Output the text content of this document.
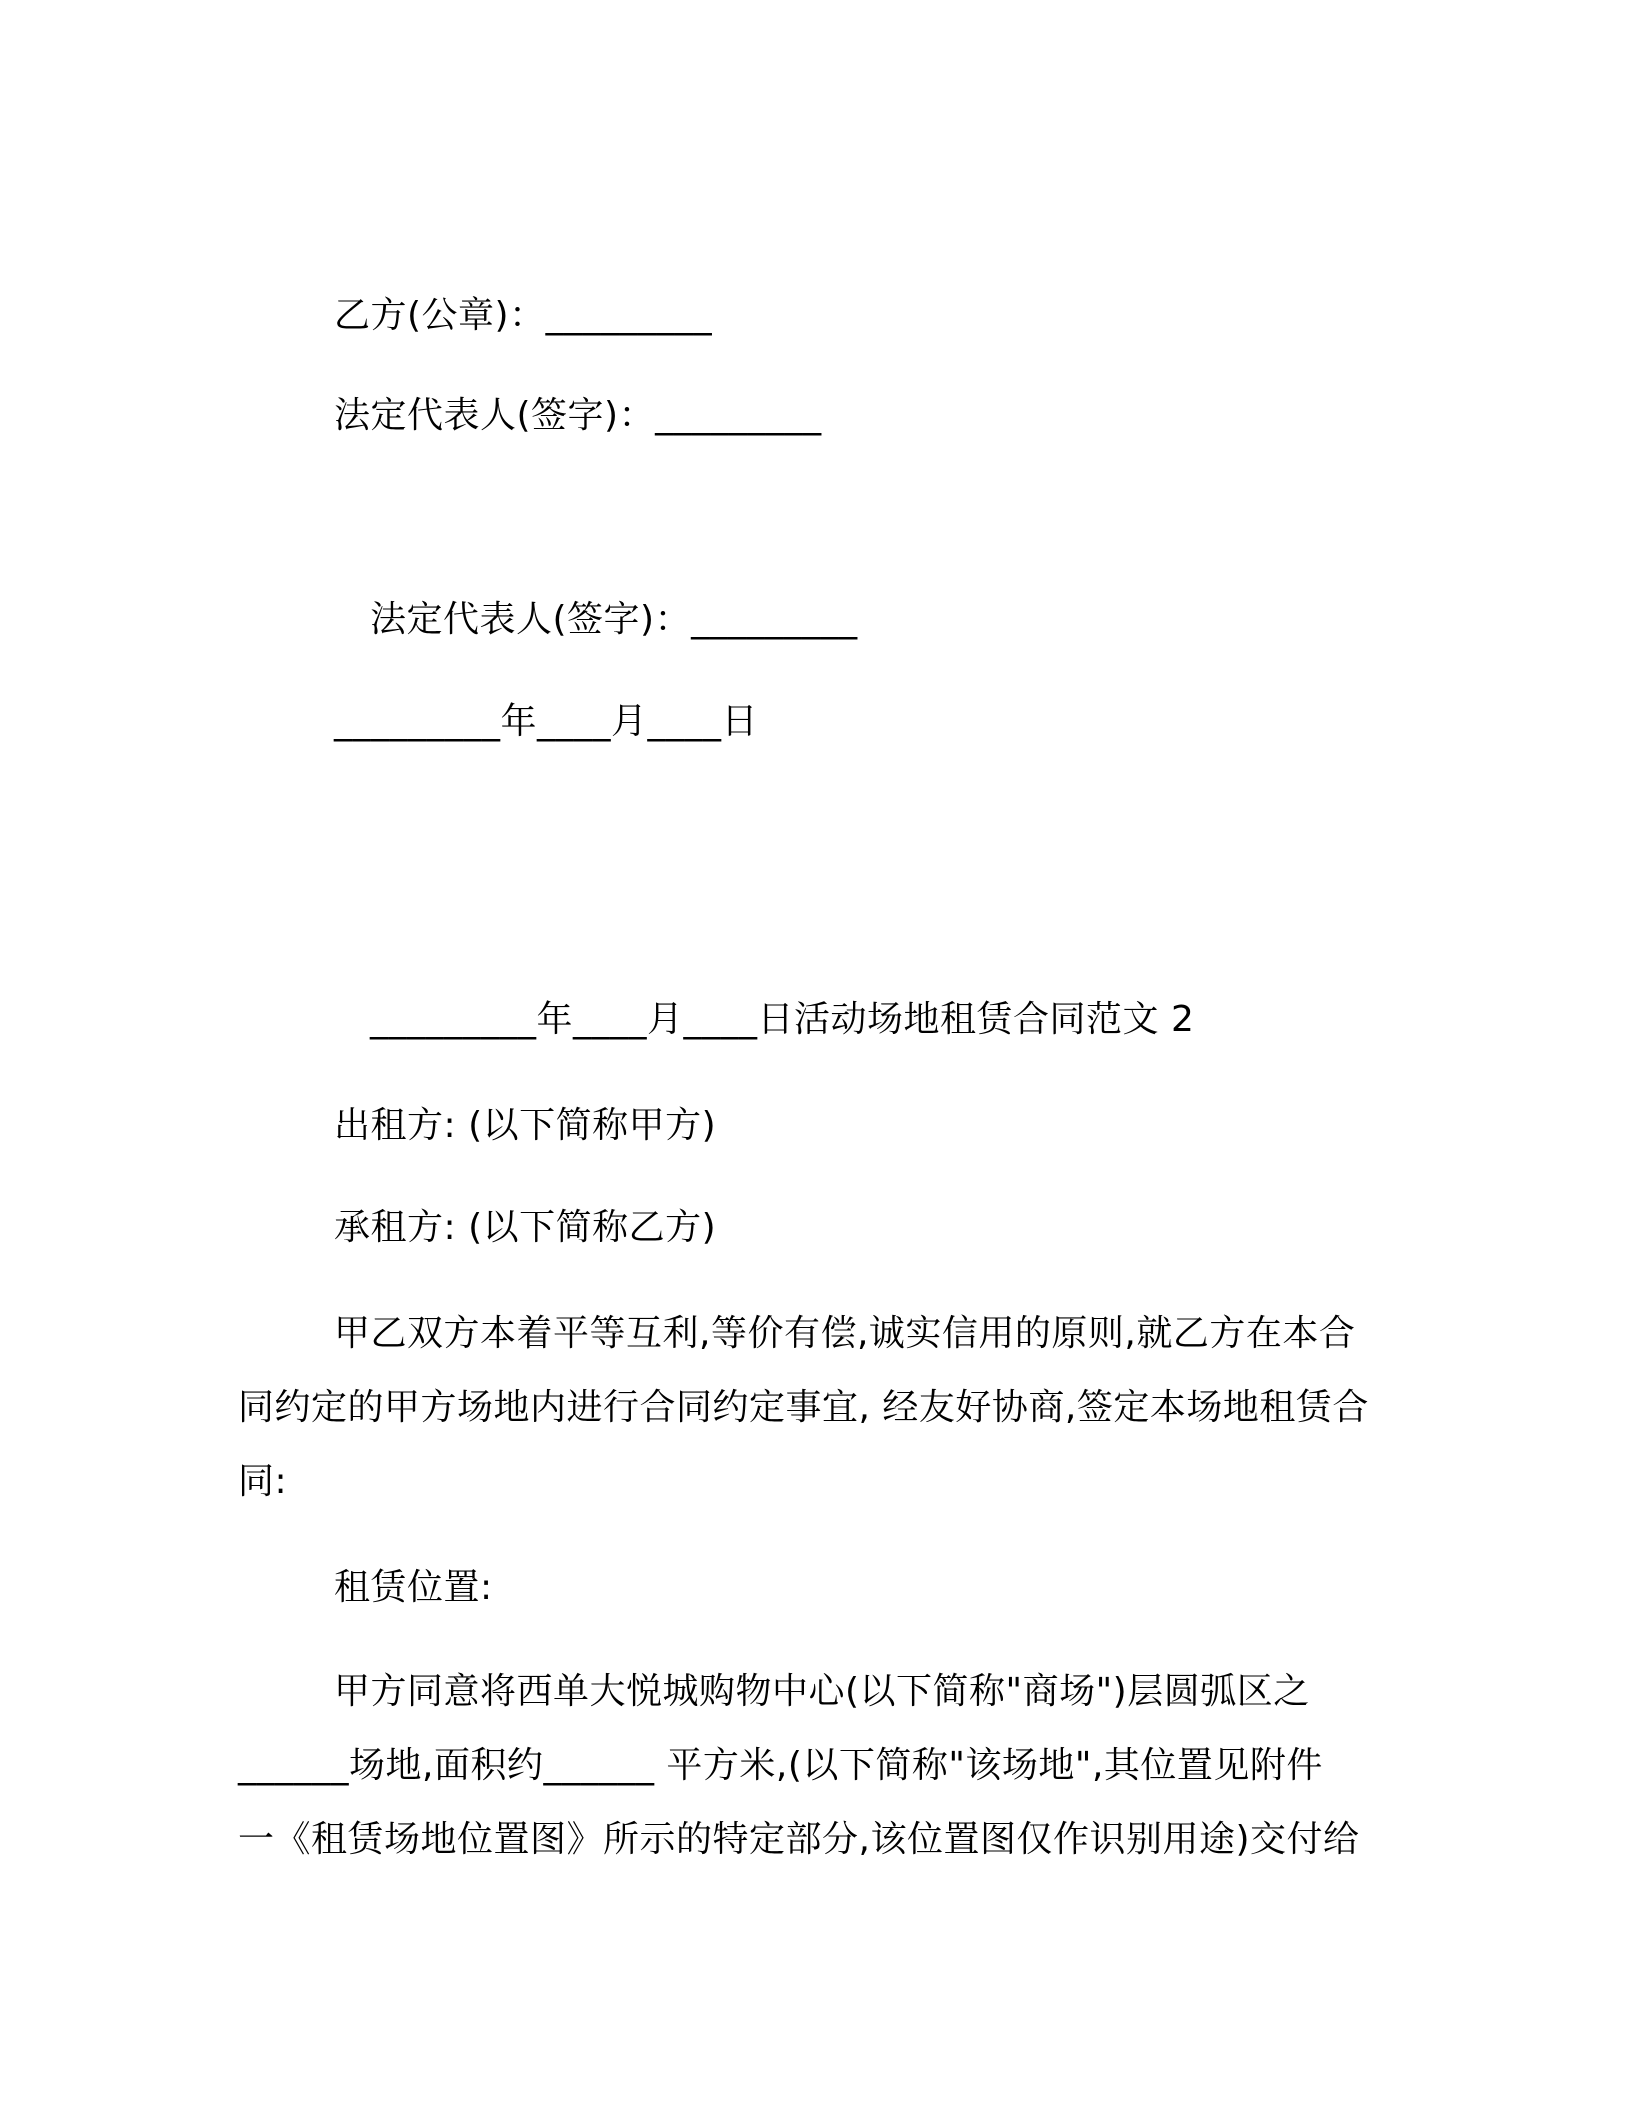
乙方(公章)：_________
法定代表人(签字)：_________
法定代表人(签字)：_________
_________年____月____日
_________年____月____日活动场地租赁合同范文 2
出租方: (以下简称甲方)
承租方: (以下简称乙方)
甲乙双方本着平等互利,等价有偿,诚实信用的原则,就乙方在本合
同约定的甲方场地内进行合同约定事宜, 经友好协商,签定本场地租赁合
同:
租赁位置:
甲方同意将西单大悦城购物中心(以下简称"商场")层圆弧区之
______场地,面积约______ 平方米,(以下简称"该场地",其位置见附件
一《租赁场地位置图》所示的特定部分,该位置图仅作识别用途)交付给
